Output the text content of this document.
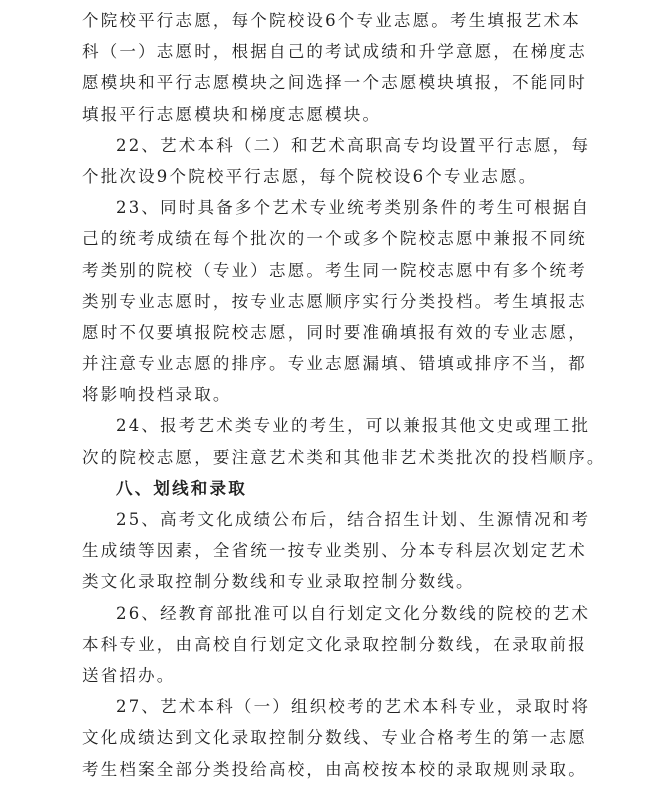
个院校平行志愿，每个院校设6个专业志愿。考生填报艺术本
科（一）志愿时，根据自己的考试成绩和升学意愿，在梯度志
愿模块和平行志愿模块之间选择一个志愿模块填报，不能同时
填报平行志愿模块和梯度志愿模块。
22、艺术本科（二）和艺术高职高专均设置平行志愿，每
个批次设9个院校平行志愿，每个院校设6个专业志愿。
23、同时具备多个艺术专业统考类别条件的考生可根据自
己的统考成绩在每个批次的一个或多个院校志愿中兼报不同统
考类别的院校（专业）志愿。考生同一院校志愿中有多个统考
类别专业志愿时，按专业志愿顺序实行分类投档。考生填报志
愿时不仅要填报院校志愿，同时要准确填报有效的专业志愿，
并注意专业志愿的排序。专业志愿漏填、错填或排序不当，都
将影响投档录取。
24、报考艺术类专业的考生，可以兼报其他文史或理工批
次的院校志愿，要注意艺术类和其他非艺术类批次的投档顺序。
八、划线和录取
25、高考文化成绩公布后，结合招生计划、生源情况和考
生成绩等因素，全省统一按专业类别、分本专科层次划定艺术
类文化录取控制分数线和专业录取控制分数线。
26、经教育部批准可以自行划定文化分数线的院校的艺术
本科专业，由高校自行划定文化录取控制分数线，在录取前报
送省招办。
27、艺术本科（一）组织校考的艺术本科专业，录取时将
文化成绩达到文化录取控制分数线、专业合格考生的第一志愿
考生档案全部分类投给高校，由高校按本校的录取规则录取。
